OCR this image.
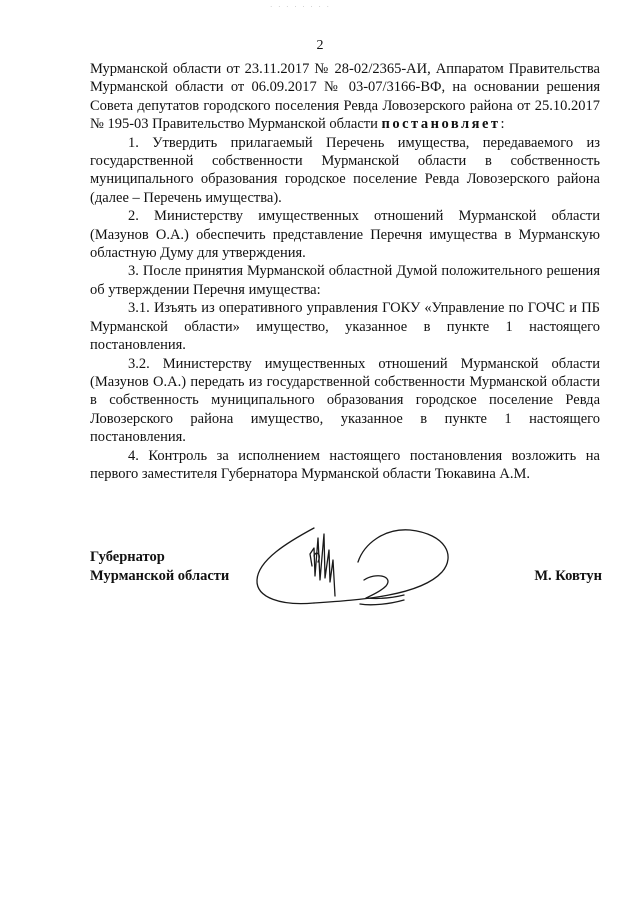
· · · · · · · ·
2

Мурманской области от 23.11.2017 № 28-02/2365-АИ, Аппаратом Правительства Мурманской области от 06.09.2017 № 03-07/3166-ВФ, на основании решения Совета депутатов городского поселения Ревда Ловозерского района от 25.10.2017 № 195-03 Правительство Мурманской области постановляет:

1. Утвердить прилагаемый Перечень имущества, передаваемого из государственной собственности Мурманской области в собственность муниципального образования городское поселение Ревда Ловозерского района (далее – Перечень имущества).

2. Министерству имущественных отношений Мурманской области (Мазунов О.А.) обеспечить представление Перечня имущества в Мурманскую областную Думу для утверждения.

3. После принятия Мурманской областной Думой положительного решения об утверждении Перечня имущества:

3.1. Изъять из оперативного управления ГОКУ «Управление по ГОЧС и ПБ Мурманской области» имущество, указанное в пункте 1 настоящего постановления.

3.2. Министерству имущественных отношений Мурманской области (Мазунов О.А.) передать из государственной собственности Мурманской области в собственность муниципального образования городское поселение Ревда Ловозерского района имущество, указанное в пункте 1 настоящего постановления.

4. Контроль за исполнением настоящего постановления возложить на первого заместителя Губернатора Мурманской области Тюкавина А.М.

Губернатор
Мурманской области	М. Ковтун
